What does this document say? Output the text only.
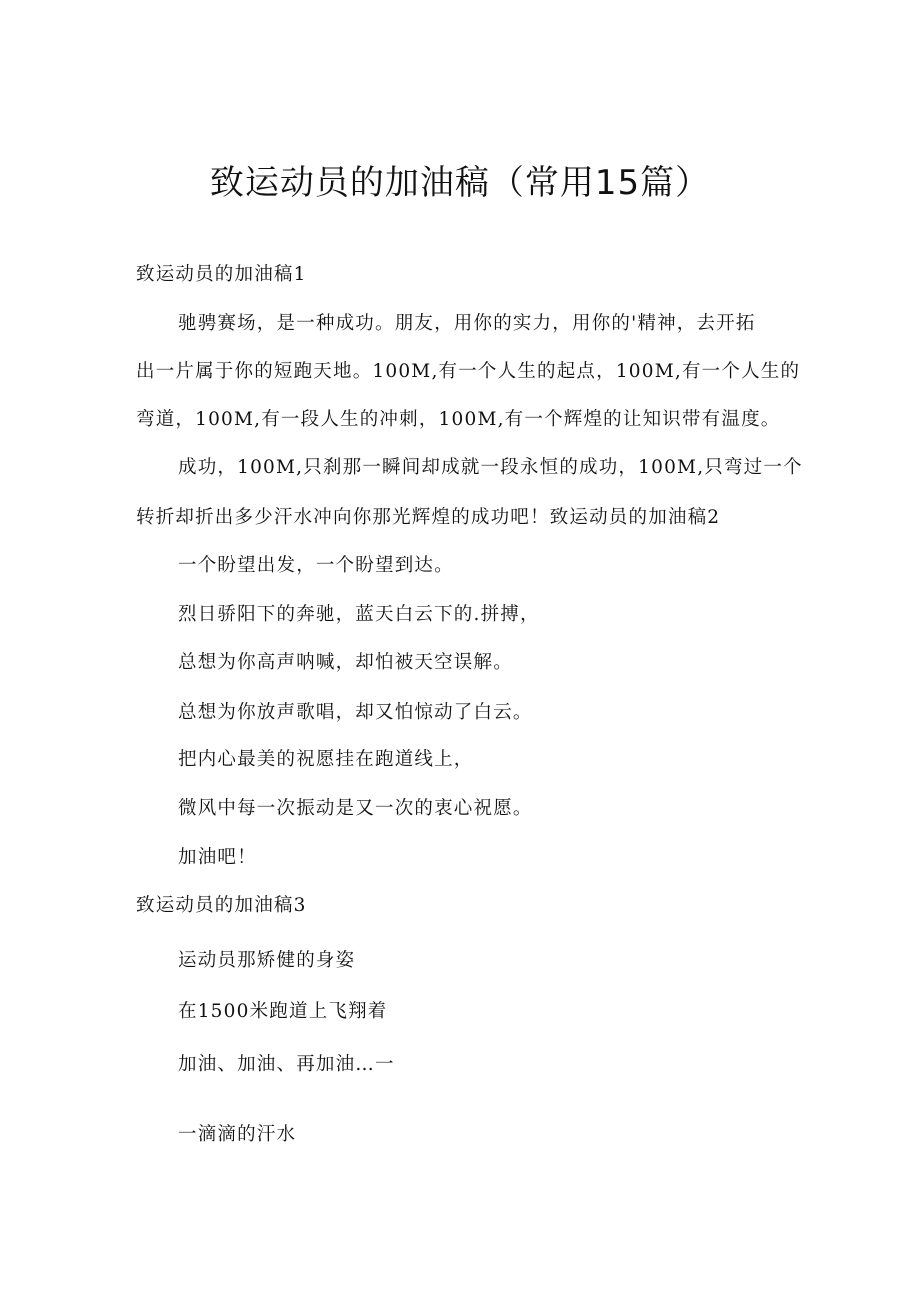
致运动员的加油稿（常用15篇）
致运动员的加油稿1
驰骋赛场，是一种成功。朋友，用你的实力，用你的'精神，去开拓
出一片属于你的短跑天地。100M,有一个人生的起点，100M,有一个人生的
弯道，100M,有一段人生的冲刺，100M,有一个辉煌的让知识带有温度。
成功，100M,只刹那一瞬间却成就一段永恒的成功，100M,只弯过一个
转折却折出多少汗水冲向你那光辉煌的成功吧！致运动员的加油稿2
一个盼望出发，一个盼望到达。
烈日骄阳下的奔驰，蓝天白云下的.拼搏，
总想为你高声呐喊，却怕被天空误解。
总想为你放声歌唱，却又怕惊动了白云。
把内心最美的祝愿挂在跑道线上，
微风中每一次振动是又一次的衷心祝愿。
加油吧！
致运动员的加油稿3
运动员那矫健的身姿
在1500米跑道上飞翔着
加油、加油、再加油…一
一滴滴的汗水
